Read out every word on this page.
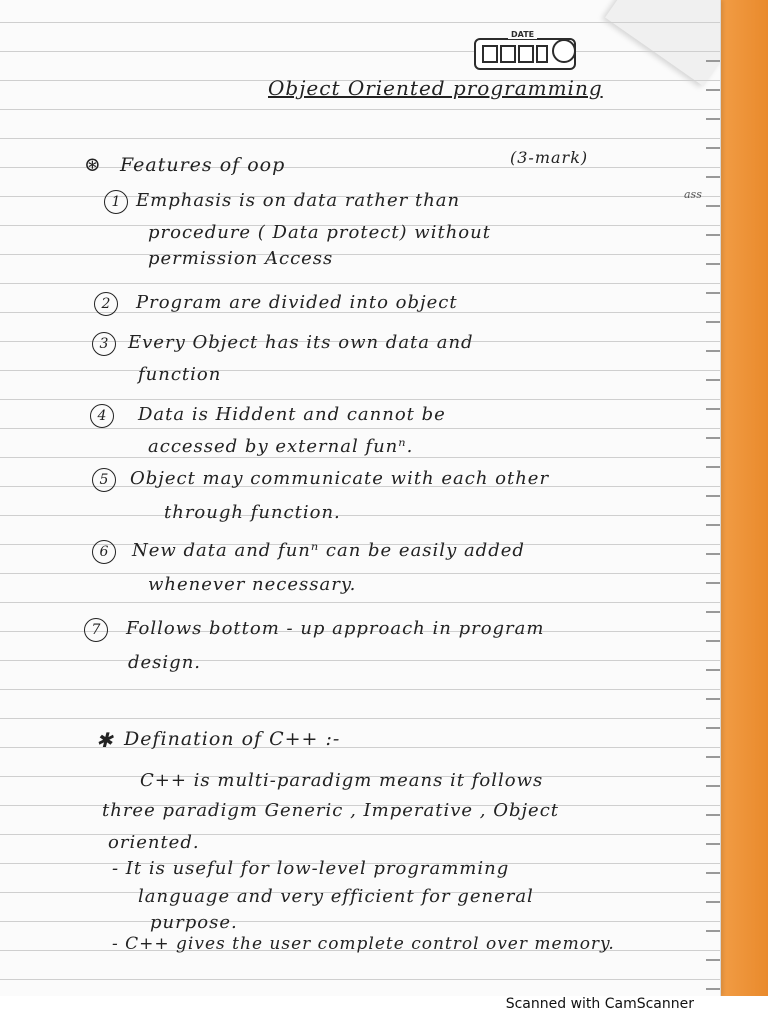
DATE
Object Oriented programming
⊛ Features of oop	(3-mark)
1 Emphasis is on data rather than
procedure ( Data protect) without
permission Access
2	Program are divided into object
3	Every Object has its own data and
function
4	Data is Hiddent and cannot be
accessed by external funⁿ.
5	Object may communicate with each other
through function.
6	New data and funⁿ can be easily added
whenever necessary.
7	Follows bottom - up approach in program
design.
✱ Defination of C++ :-
C++ is multi-paradigm means it follows
three paradigm Generic , Imperative , Object
oriented.
- It is useful for low-level programming
language and very efficient for general
purpose.
- C++ gives the user complete control over memory.
ass
Scanned with CamScanner
